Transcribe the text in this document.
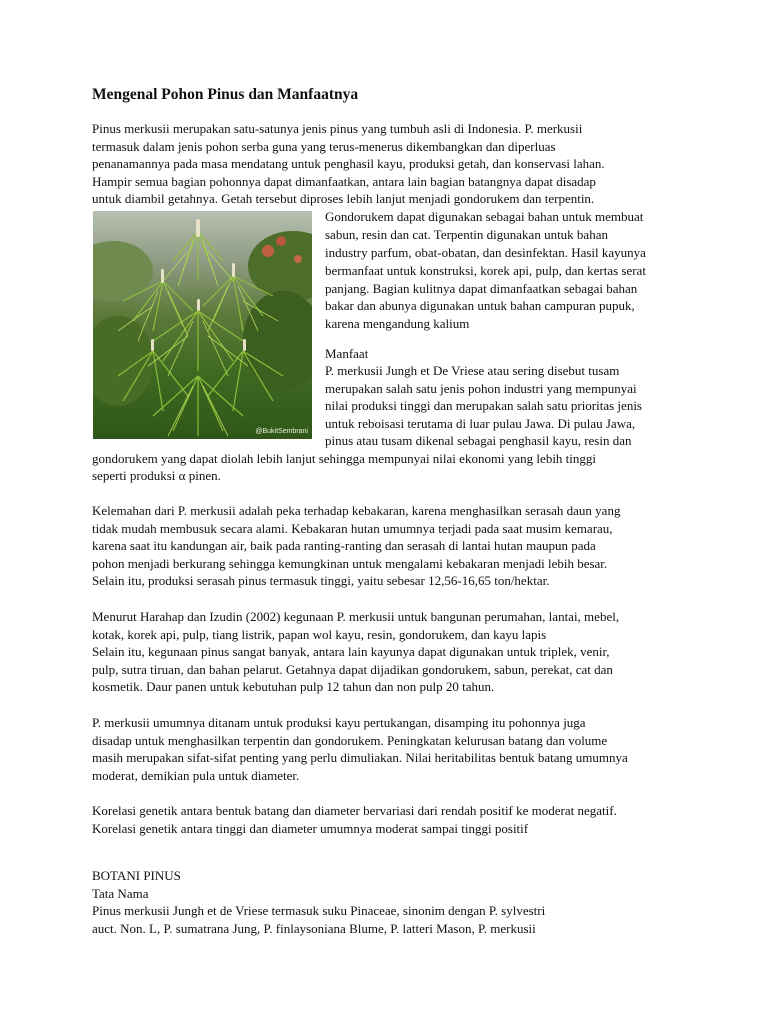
Mengenal Pohon Pinus dan Manfaatnya
Pinus merkusii merupakan satu-satunya jenis pinus yang tumbuh asli di Indonesia. P. merkusii
termasuk dalam jenis pohon serba guna yang terus-menerus dikembangkan dan diperluas
penanamannya pada masa mendatang untuk penghasil kayu, produksi getah, dan konservasi lahan.
Hampir semua bagian pohonnya dapat dimanfaatkan, antara lain bagian batangnya dapat disadap
untuk diambil getahnya. Getah tersebut diproses lebih lanjut menjadi gondorukem dan terpentin.
@BukitSembrani
Gondorukem dapat digunakan sebagai bahan untuk membuat
sabun, resin dan cat. Terpentin digunakan untuk bahan
industry parfum, obat-obatan, dan desinfektan. Hasil kayunya
bermanfaat untuk konstruksi, korek api, pulp, dan kertas serat
panjang. Bagian kulitnya dapat dimanfaatkan sebagai bahan
bakar dan abunya digunakan untuk bahan campuran pupuk,
karena mengandung kalium
Manfaat
P. merkusii Jungh et De Vriese atau sering disebut tusam
merupakan salah satu jenis pohon industri yang mempunyai
nilai produksi tinggi dan merupakan salah satu prioritas jenis
untuk reboisasi terutama di luar pulau Jawa. Di pulau Jawa,
pinus atau tusam dikenal sebagai penghasil kayu, resin dan
gondorukem yang dapat diolah lebih lanjut sehingga mempunyai nilai ekonomi yang lebih tinggi
seperti produksi α pinen.
Kelemahan dari P. merkusii adalah peka terhadap kebakaran, karena menghasilkan serasah daun yang
tidak mudah membusuk secara alami. Kebakaran hutan umumnya terjadi pada saat musim kemarau,
karena saat itu kandungan air, baik pada ranting-ranting dan serasah di lantai hutan maupun pada
pohon menjadi berkurang sehingga kemungkinan untuk mengalami kebakaran menjadi lebih besar.
Selain itu, produksi serasah pinus termasuk tinggi, yaitu sebesar 12,56-16,65 ton/hektar.
Menurut Harahap dan Izudin (2002) kegunaan P. merkusii untuk bangunan perumahan, lantai, mebel,
kotak, korek api, pulp, tiang listrik, papan wol kayu, resin, gondorukem, dan kayu lapis
Selain itu, kegunaan pinus sangat banyak, antara lain kayunya dapat digunakan untuk triplek, venir,
pulp, sutra tiruan, dan bahan pelarut. Getahnya dapat dijadikan gondorukem, sabun, perekat, cat dan
kosmetik. Daur panen untuk kebutuhan pulp 12 tahun dan non pulp 20 tahun.
P. merkusii umumnya ditanam untuk produksi kayu pertukangan, disamping itu pohonnya juga
disadap untuk menghasilkan terpentin dan gondorukem. Peningkatan kelurusan batang dan volume
masih merupakan sifat-sifat penting yang perlu dimuliakan. Nilai heritabilitas bentuk batang umumnya
moderat, demikian pula untuk diameter.
Korelasi genetik antara bentuk batang dan diameter bervariasi dari rendah positif ke moderat negatif.
Korelasi genetik antara tinggi dan diameter umumnya moderat sampai tinggi positif
BOTANI PINUS
Tata Nama
Pinus merkusii Jungh et de Vriese termasuk suku Pinaceae, sinonim dengan P. sylvestri
auct. Non. L, P. sumatrana Jung, P. finlaysoniana Blume, P. latteri Mason, P. merkusii
